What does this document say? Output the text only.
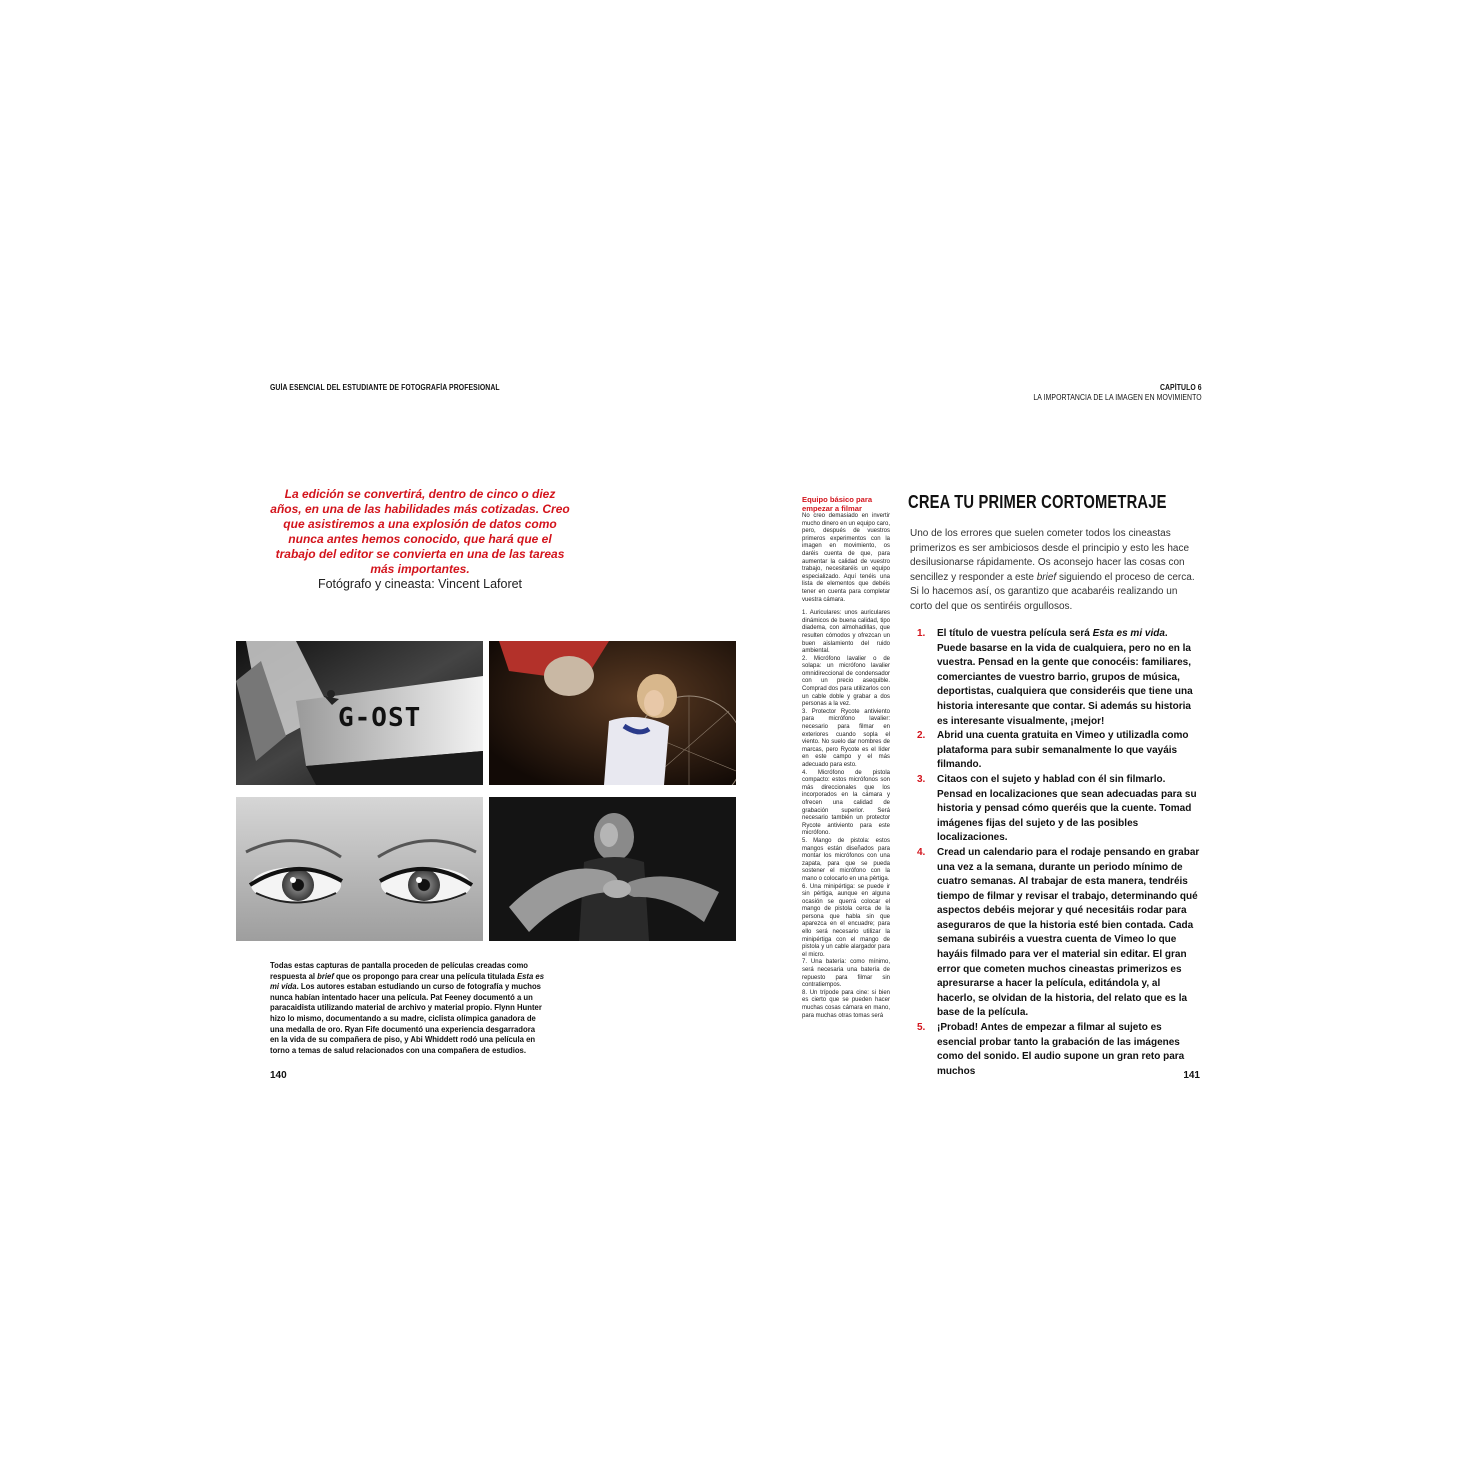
GUÍA ESENCIAL DEL ESTUDIANTE DE FOTOGRAFÍA PROFESIONAL	CAPÍTULO 6
LA IMPORTANCIA DE LA IMAGEN EN MOVIMIENTO
La edición se convertirá, dentro de cinco o diez años, en una de las habilidades más cotizadas. Creo que asistiremos a una explosión de datos como nunca antes hemos conocido, que hará que el trabajo del editor se convierta en una de las tareas más importantes.
Fotógrafo y cineasta: Vincent Laforet
G-OST

Todas estas capturas de pantalla proceden de películas creadas como respuesta al brief que os propongo para crear una película titulada Esta es mi vida. Los autores estaban estudiando un curso de fotografía y muchos nunca habían intentado hacer una película. Pat Feeney documentó a un paracaidista utilizando material de archivo y material propio. Flynn Hunter hizo lo mismo, documentando a su madre, ciclista olímpica ganadora de una medalla de oro. Ryan Fife documentó una experiencia desgarradora en la vida de su compañera de piso, y Abi Whiddett rodó una película en torno a temas de salud relacionados con una compañera de estudios.

140	141
Equipo básico para empezar a filmar

No creo demasiado en invertir mucho dinero en un equipo caro, pero, después de vuestros primeros experimentos con la imagen en movimiento, os daréis cuenta de que, para aumentar la calidad de vuestro trabajo, necesitaréis un equipo especializado. Aquí tenéis una lista de elementos que debéis tener en cuenta para completar vuestra cámara.

1. Auriculares: unos auriculares dinámicos de buena calidad, tipo diadema, con almohadillas, que resulten cómodos y ofrezcan un buen aislamiento del ruido ambiental.

2. Micrófono lavalier o de solapa: un micrófono lavalier omnidireccional de condensador con un precio asequible. Comprad dos para utilizarlos con un cable doble y grabar a dos personas a la vez.

3. Protector Rycote antiviento para micrófono lavalier: necesario para filmar en exteriores cuando sopla el viento. No suelo dar nombres de marcas, pero Rycote es el líder en este campo y el más adecuado para esto.

4. Micrófono de pistola compacto: estos micrófonos son más direccionales que los incorporados en la cámara y ofrecen una calidad de grabación superior. Será necesario también un protector Rycote antiviento para este micrófono.

5. Mango de pistola: estos mangos están diseñados para montar los micrófonos con una zapata, para que se pueda sostener el micrófono con la mano o colocarlo en una pértiga.

6. Una minipértiga: se puede ir sin pértiga, aunque en alguna ocasión se querrá colocar el mango de pistola cerca de la persona que habla sin que aparezca en el encuadre; para ello será necesario utilizar la minipértiga con el mango de pistola y un cable alargador para el micro.

7. Una batería: como mínimo, será necesaria una batería de repuesto para filmar sin contratiempos.

8. Un trípode para cine: si bien es cierto que se pueden hacer muchas cosas cámara en mano, para muchas otras tomas será

CREA TU PRIMER CORTOMETRAJE
Uno de los errores que suelen cometer todos los cineastas primerizos es ser ambiciosos desde el principio y esto les hace desilusionarse rápidamente. Os aconsejo hacer las cosas con sencillez y responder a este brief siguiendo el proceso de cerca. Si lo hacemos así, os garantizo que acabaréis realizando un corto del que os sentiréis orgullosos.
1. El título de vuestra película será Esta es mi vida. Puede basarse en la vida de cualquiera, pero no en la vuestra. Pensad en la gente que conocéis: familiares, comerciantes de vuestro barrio, grupos de música, deportistas, cualquiera que consideréis que tiene una historia interesante que contar. Si además su historia es interesante visualmente, ¡mejor!
2. Abrid una cuenta gratuita en Vimeo y utilizadla como plataforma para subir semanalmente lo que vayáis filmando.
3. Citaos con el sujeto y hablad con él sin filmarlo. Pensad en localizaciones que sean adecuadas para su historia y pensad cómo queréis que la cuente. Tomad imágenes fijas del sujeto y de las posibles localizaciones.
4. Cread un calendario para el rodaje pensando en grabar una vez a la semana, durante un periodo mínimo de cuatro semanas. Al trabajar de esta manera, tendréis tiempo de filmar y revisar el trabajo, determinando qué aspectos debéis mejorar y qué necesitáis rodar para aseguraros de que la historia esté bien contada. Cada semana subiréis a vuestra cuenta de Vimeo lo que hayáis filmado para ver el material sin editar. El gran error que cometen muchos cineastas primerizos es apresurarse a hacer la película, editándola y, al hacerlo, se olvidan de la historia, del relato que es la base de la película.
5. ¡Probad! Antes de empezar a filmar al sujeto es esencial probar tanto la grabación de las imágenes como del sonido. El audio supone un gran reto para muchos
